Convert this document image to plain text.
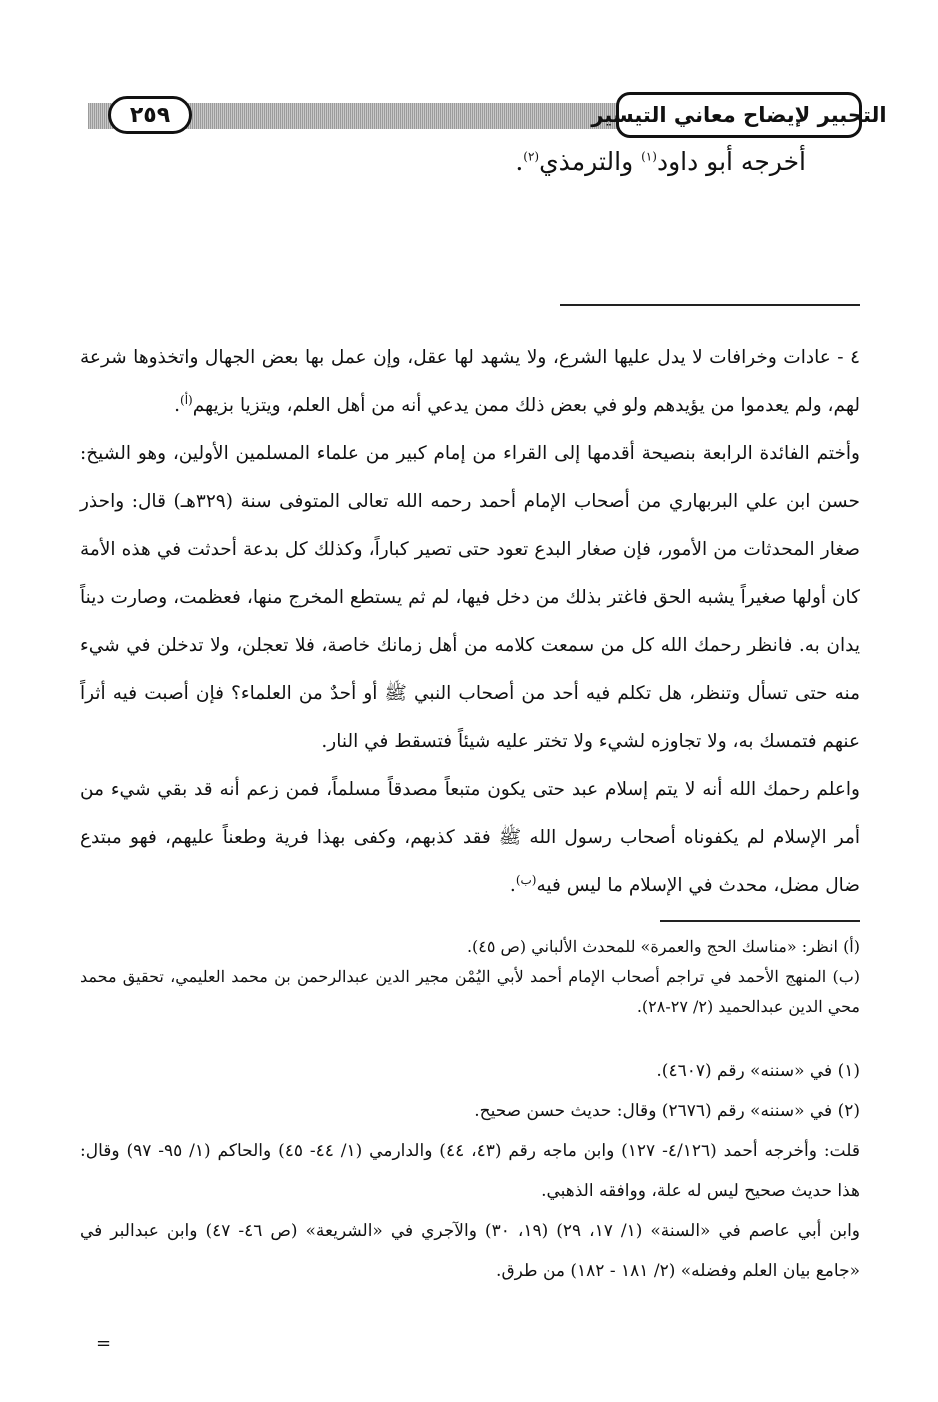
التحبير لإيضاح معاني التيسير
٢٥٩
أخرجه أبو داود$^{(١)}$ والترمذي$^{(٢)}$.

٤ - عادات وخرافات لا يدل عليها الشرع، ولا يشهد لها عقل، وإن عمل بها بعض الجهال واتخذوها شرعة لهم، ولم يعدموا من يؤيدهم ولو في بعض ذلك ممن يدعي أنه من أهل العلم، ويتزيا بزيهم$^{(أ)}$.

وأختم الفائدة الرابعة بنصيحة أقدمها إلى القراء من إمام كبير من علماء المسلمين الأولين، وهو الشيخ: حسن ابن علي البربهاري من أصحاب الإمام أحمد رحمه الله تعالى المتوفى سنة (٣٢٩هـ) قال: واحذر صغار المحدثات من الأمور، فإن صغار البدع تعود حتى تصير كباراً، وكذلك كل بدعة أحدثت في هذه الأمة كان أولها صغيراً يشبه الحق فاغتر بذلك من دخل فيها، لم ثم يستطع المخرج منها، فعظمت، وصارت ديناً يدان به. فانظر رحمك الله كل من سمعت كلامه من أهل زمانك خاصة، فلا تعجلن، ولا تدخلن في شيء منه حتى تسأل وتنظر، هل تكلم فيه أحد من أصحاب النبي ﷺ أو أحدٌ من العلماء؟ فإن أصبت فيه أثراً عنهم فتمسك به، ولا تجاوزه لشيء ولا تختر عليه شيئاً فتسقط في النار.

واعلم رحمك الله أنه لا يتم إسلام عبد حتى يكون متبعاً مصدقاً مسلماً، فمن زعم أنه قد بقي شيء من أمر الإسلام لم يكفوناه أصحاب رسول الله ﷺ فقد كذبهم، وكفى بهذا فرية وطعناً عليهم، فهو مبتدع ضال مضل، محدث في الإسلام ما ليس فيه$^{(ب)}$.

(أ) انظر: «مناسك الحج والعمرة» للمحدث الألباني (ص ٤٥).

(ب) المنهج الأحمد في تراجم أصحاب الإمام أحمد لأبي اليُمْن مجير الدين عبدالرحمن بن محمد العليمي، تحقيق محمد محي الدين عبدالحميد (٢/ ٢٧-٢٨).

(١) في «سننه» رقم (٤٦٠٧).

(٢) في «سننه» رقم (٢٦٧٦) وقال: حديث حسن صحيح.

قلت: وأخرجه أحمد (٤/١٢٦- ١٢٧) وابن ماجه رقم (٤٣، ٤٤) والدارمي (١/ ٤٤- ٤٥) والحاكم (١/ ٩٥- ٩٧) وقال: هذا حديث صحيح ليس له علة، ووافقه الذهبي.

وابن أبي عاصم في «السنة» (١/ ١٧، ٢٩) (١٩، ٣٠) والآجري في «الشريعة» (ص ٤٦- ٤٧) وابن عبدالبر في «جامع بيان العلم وفضله» (٢/ ١٨١ - ١٨٢) من طرق.

=
